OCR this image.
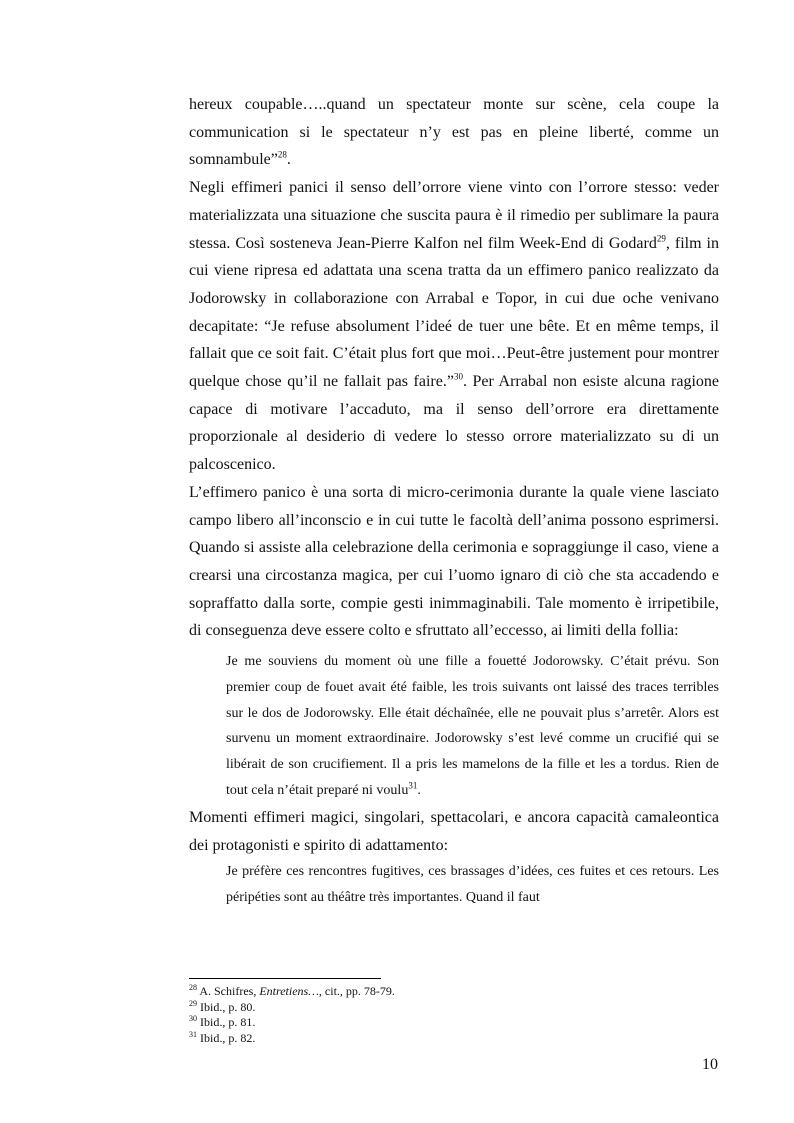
hereux coupable…..quand un spectateur monte sur scène, cela coupe la communication si le spectateur n’y est pas en pleine liberté, comme un somnambule”$^{28}$.

Negli effimeri panici il senso dell’orrore viene vinto con l’orrore stesso: veder materializzata una situazione che suscita paura è il rimedio per sublimare la paura stessa. Così sosteneva Jean-Pierre Kalfon nel film Week-End di Godard$^{29}$, film in cui viene ripresa ed adattata una scena tratta da un effimero panico realizzato da Jodorowsky in collaborazione con Arrabal e Topor, in cui due oche venivano decapitate: “Je refuse absolument l’ideé de tuer une bête. Et en même temps, il fallait que ce soit fait. C’était plus fort que moi…Peut-être justement pour montrer quelque chose qu’il ne fallait pas faire.”$^{30}$. Per Arrabal non esiste alcuna ragione capace di motivare l’accaduto, ma il senso dell’orrore era direttamente proporzionale al desiderio di vedere lo stesso orrore materializzato su di un palcoscenico.

L’effimero panico è una sorta di micro-cerimonia durante la quale viene lasciato campo libero all’inconscio e in cui tutte le facoltà dell’anima possono esprimersi. Quando si assiste alla celebrazione della cerimonia e sopraggiunge il caso, viene a crearsi una circostanza magica, per cui l’uomo ignaro di ciò che sta accadendo e sopraffatto dalla sorte, compie gesti inimmaginabili. Tale momento è irripetibile, di conseguenza deve essere colto e sfruttato all’eccesso, ai limiti della follia:

Je me souviens du moment où une fille a fouetté Jodorowsky. C’était prévu. Son premier coup de fouet avait été faible, les trois suivants ont laissé des traces terribles sur le dos de Jodorowsky. Elle était déchaînée, elle ne pouvait plus s’arretêr. Alors est survenu un moment extraordinaire. Jodorowsky s’est levé comme un crucifié qui se libérait de son crucifiement. Il a pris les mamelons de la fille et les a tordus. Rien de tout cela n’était preparé ni voulu$^{31}$.

Momenti effimeri magici, singolari, spettacolari, e ancora capacità camaleontica dei protagonisti e spirito di adattamento:

Je préfère ces rencontres fugitives, ces brassages d’idées, ces fuites et ces retours. Les péripéties sont au théâtre très importantes. Quand il faut

$^{28}$ A. Schifres, Entretiens…, cit., pp. 78-79.

$^{29}$ Ibid., p. 80.

$^{30}$ Ibid., p. 81.

$^{31}$ Ibid., p. 82.

10
